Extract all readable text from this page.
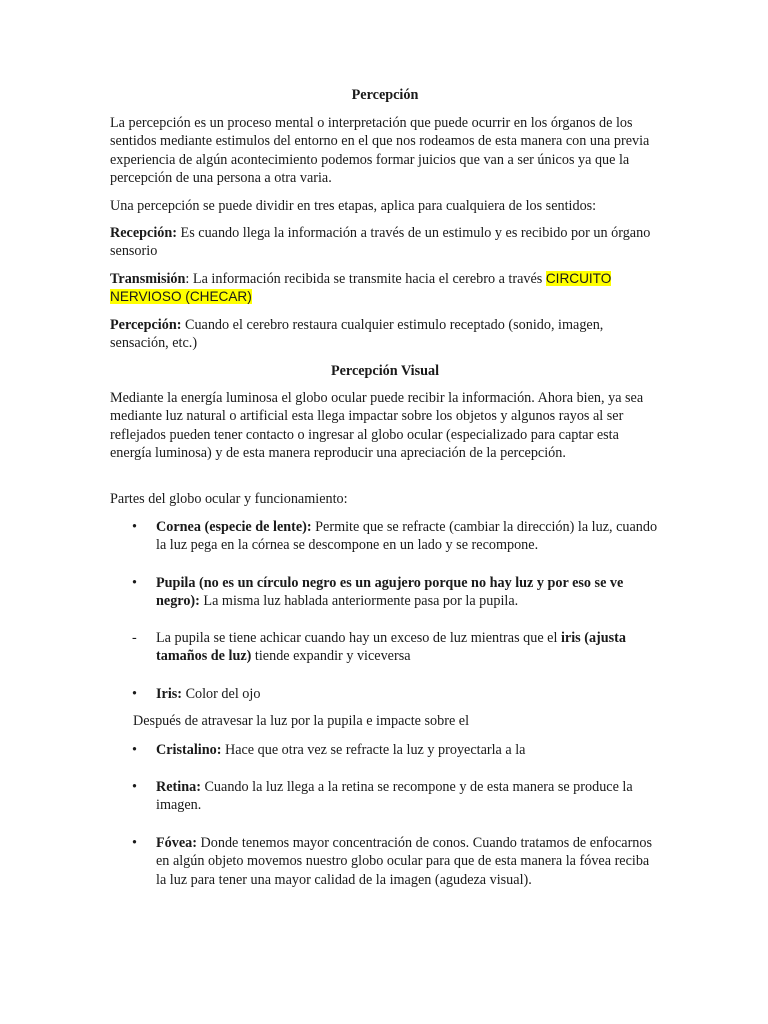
Percepción

La percepción es un proceso mental o interpretación que puede ocurrir en los órganos de los sentidos mediante estimulos del entorno en el que nos rodeamos de esta manera con una previa experiencia de algún acontecimiento podemos formar juicios que van a ser únicos ya que la percepción de una persona a otra varia.

Una percepción se puede dividir en tres etapas, aplica para cualquiera de los sentidos:

Recepción: Es cuando llega la información a través de un estimulo y es recibido por un órgano sensorio

Transmisión: La información recibida se transmite hacia el cerebro a través CIRCUITO NERVIOSO (CHECAR)

Percepción: Cuando el cerebro restaura cualquier estimulo receptado (sonido, imagen, sensación, etc.)

Percepción Visual

Mediante la energía luminosa el globo ocular puede recibir la información. Ahora bien, ya sea mediante luz natural o artificial esta llega impactar sobre los objetos y algunos rayos al ser reflejados pueden tener contacto o ingresar al globo ocular (especializado para captar esta energía luminosa) y de esta manera reproducir una apreciación de la percepción.

Partes del globo ocular y funcionamiento:

•	Cornea (especie de lente): Permite que se refracte (cambiar la dirección) la luz, cuando la luz pega en la córnea se descompone en un lado y se recompone.
•	Pupila (no es un círculo negro es un agujero porque no hay luz y por eso se ve negro): La misma luz hablada anteriormente pasa por la pupila.
-	La pupila se tiene achicar cuando hay un exceso de luz mientras que el iris (ajusta tamaños de luz) tiende expandir y viceversa
•	Iris: Color del ojo

Después de atravesar la luz por la pupila e impacte sobre el

•	Cristalino: Hace que otra vez se refracte la luz y proyectarla a la
•	Retina: Cuando la luz llega a la retina se recompone y de esta manera se produce la imagen.
•	Fóvea: Donde tenemos mayor concentración de conos. Cuando tratamos de enfocarnos en algún objeto movemos nuestro globo ocular para que de esta manera la fóvea reciba la luz para tener una mayor calidad de la imagen (agudeza visual).
